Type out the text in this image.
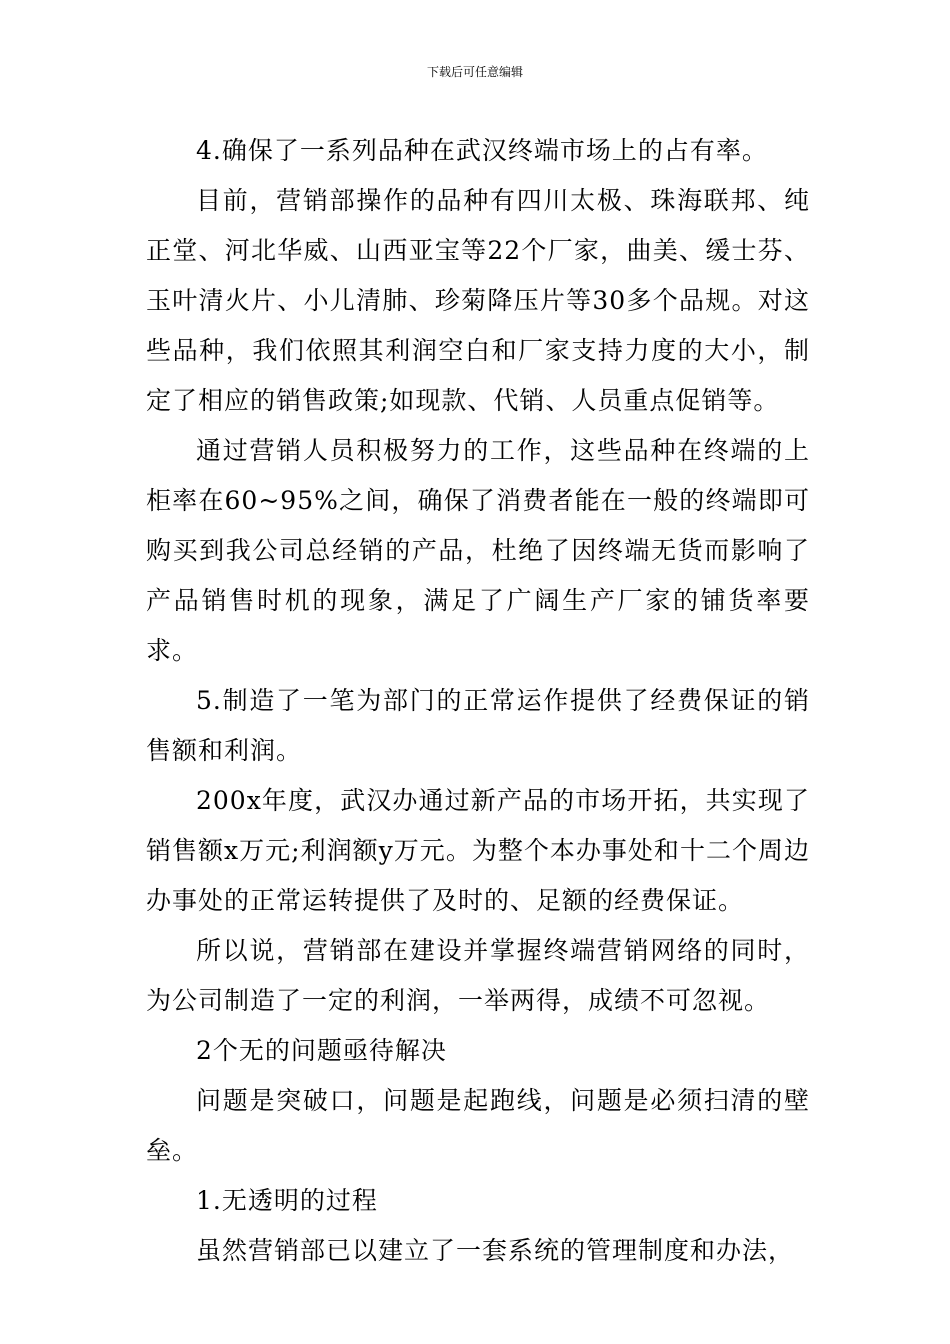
下载后可任意编辑

4.确保了一系列品种在武汉终端市场上的占有率。

目前，营销部操作的品种有四川太极、珠海联邦、纯正堂、河北华威、山西亚宝等22个厂家，曲美、缓士芬、玉叶清火片、小儿清肺、珍菊降压片等30多个品规。对这些品种，我们依照其利润空白和厂家支持力度的大小，制定了相应的销售政策;如现款、代销、人员重点促销等。

通过营销人员积极努力的工作，这些品种在终端的上柜率在60~95%之间，确保了消费者能在一般的终端即可购买到我公司总经销的产品，杜绝了因终端无货而影响了产品销售时机的现象，满足了广阔生产厂家的铺货率要求。

5.制造了一笔为部门的正常运作提供了经费保证的销售额和利润。

200x年度，武汉办通过新产品的市场开拓，共实现了销售额x万元;利润额y万元。为整个本办事处和十二个周边办事处的正常运转提供了及时的、足额的经费保证。

所以说，营销部在建设并掌握终端营销网络的同时，为公司制造了一定的利润，一举两得，成绩不可忽视。

2个无的问题亟待解决

问题是突破口，问题是起跑线，问题是必须扫清的壁垒。

1.无透明的过程

虽然营销部已以建立了一套系统的管理制度和办法，
